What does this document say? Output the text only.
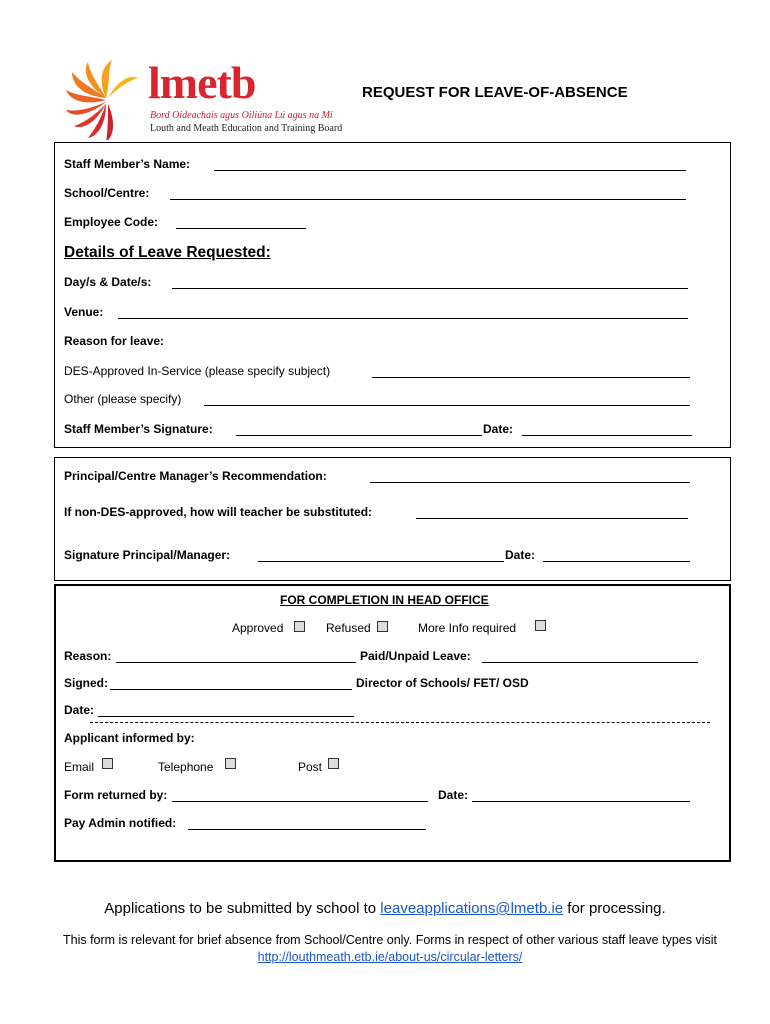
lmetb
Bord Oideachais agus Oiliúna Lú agus na Mí
Louth and Meath Education and Training Board
REQUEST FOR LEAVE-OF-ABSENCE
Staff Member’s Name:
School/Centre:
Employee Code:
Details of Leave Requested:
Day/s & Date/s:
Venue:
Reason for leave:
DES-Approved In-Service (please specify subject)
Other (please specify)
Staff Member’s Signature:	Date:
Principal/Centre Manager’s Recommendation:
If non-DES-approved, how will teacher be substituted:
Signature Principal/Manager:	Date:
FOR COMPLETION IN HEAD OFFICE
Approved	Refused	More Info required
Reason:	Paid/Unpaid Leave:
Signed:	Director of Schools/ FET/ OSD
Date:
Applicant informed by:
Email	Telephone	Post
Form returned by:	Date:
Pay Admin notified:
Applications to be submitted by school to leaveapplications@lmetb.ie for processing.
This form is relevant for brief absence from School/Centre only. Forms in respect of other various staff leave types visit http://louthmeath.etb.ie/about-us/circular-letters/
